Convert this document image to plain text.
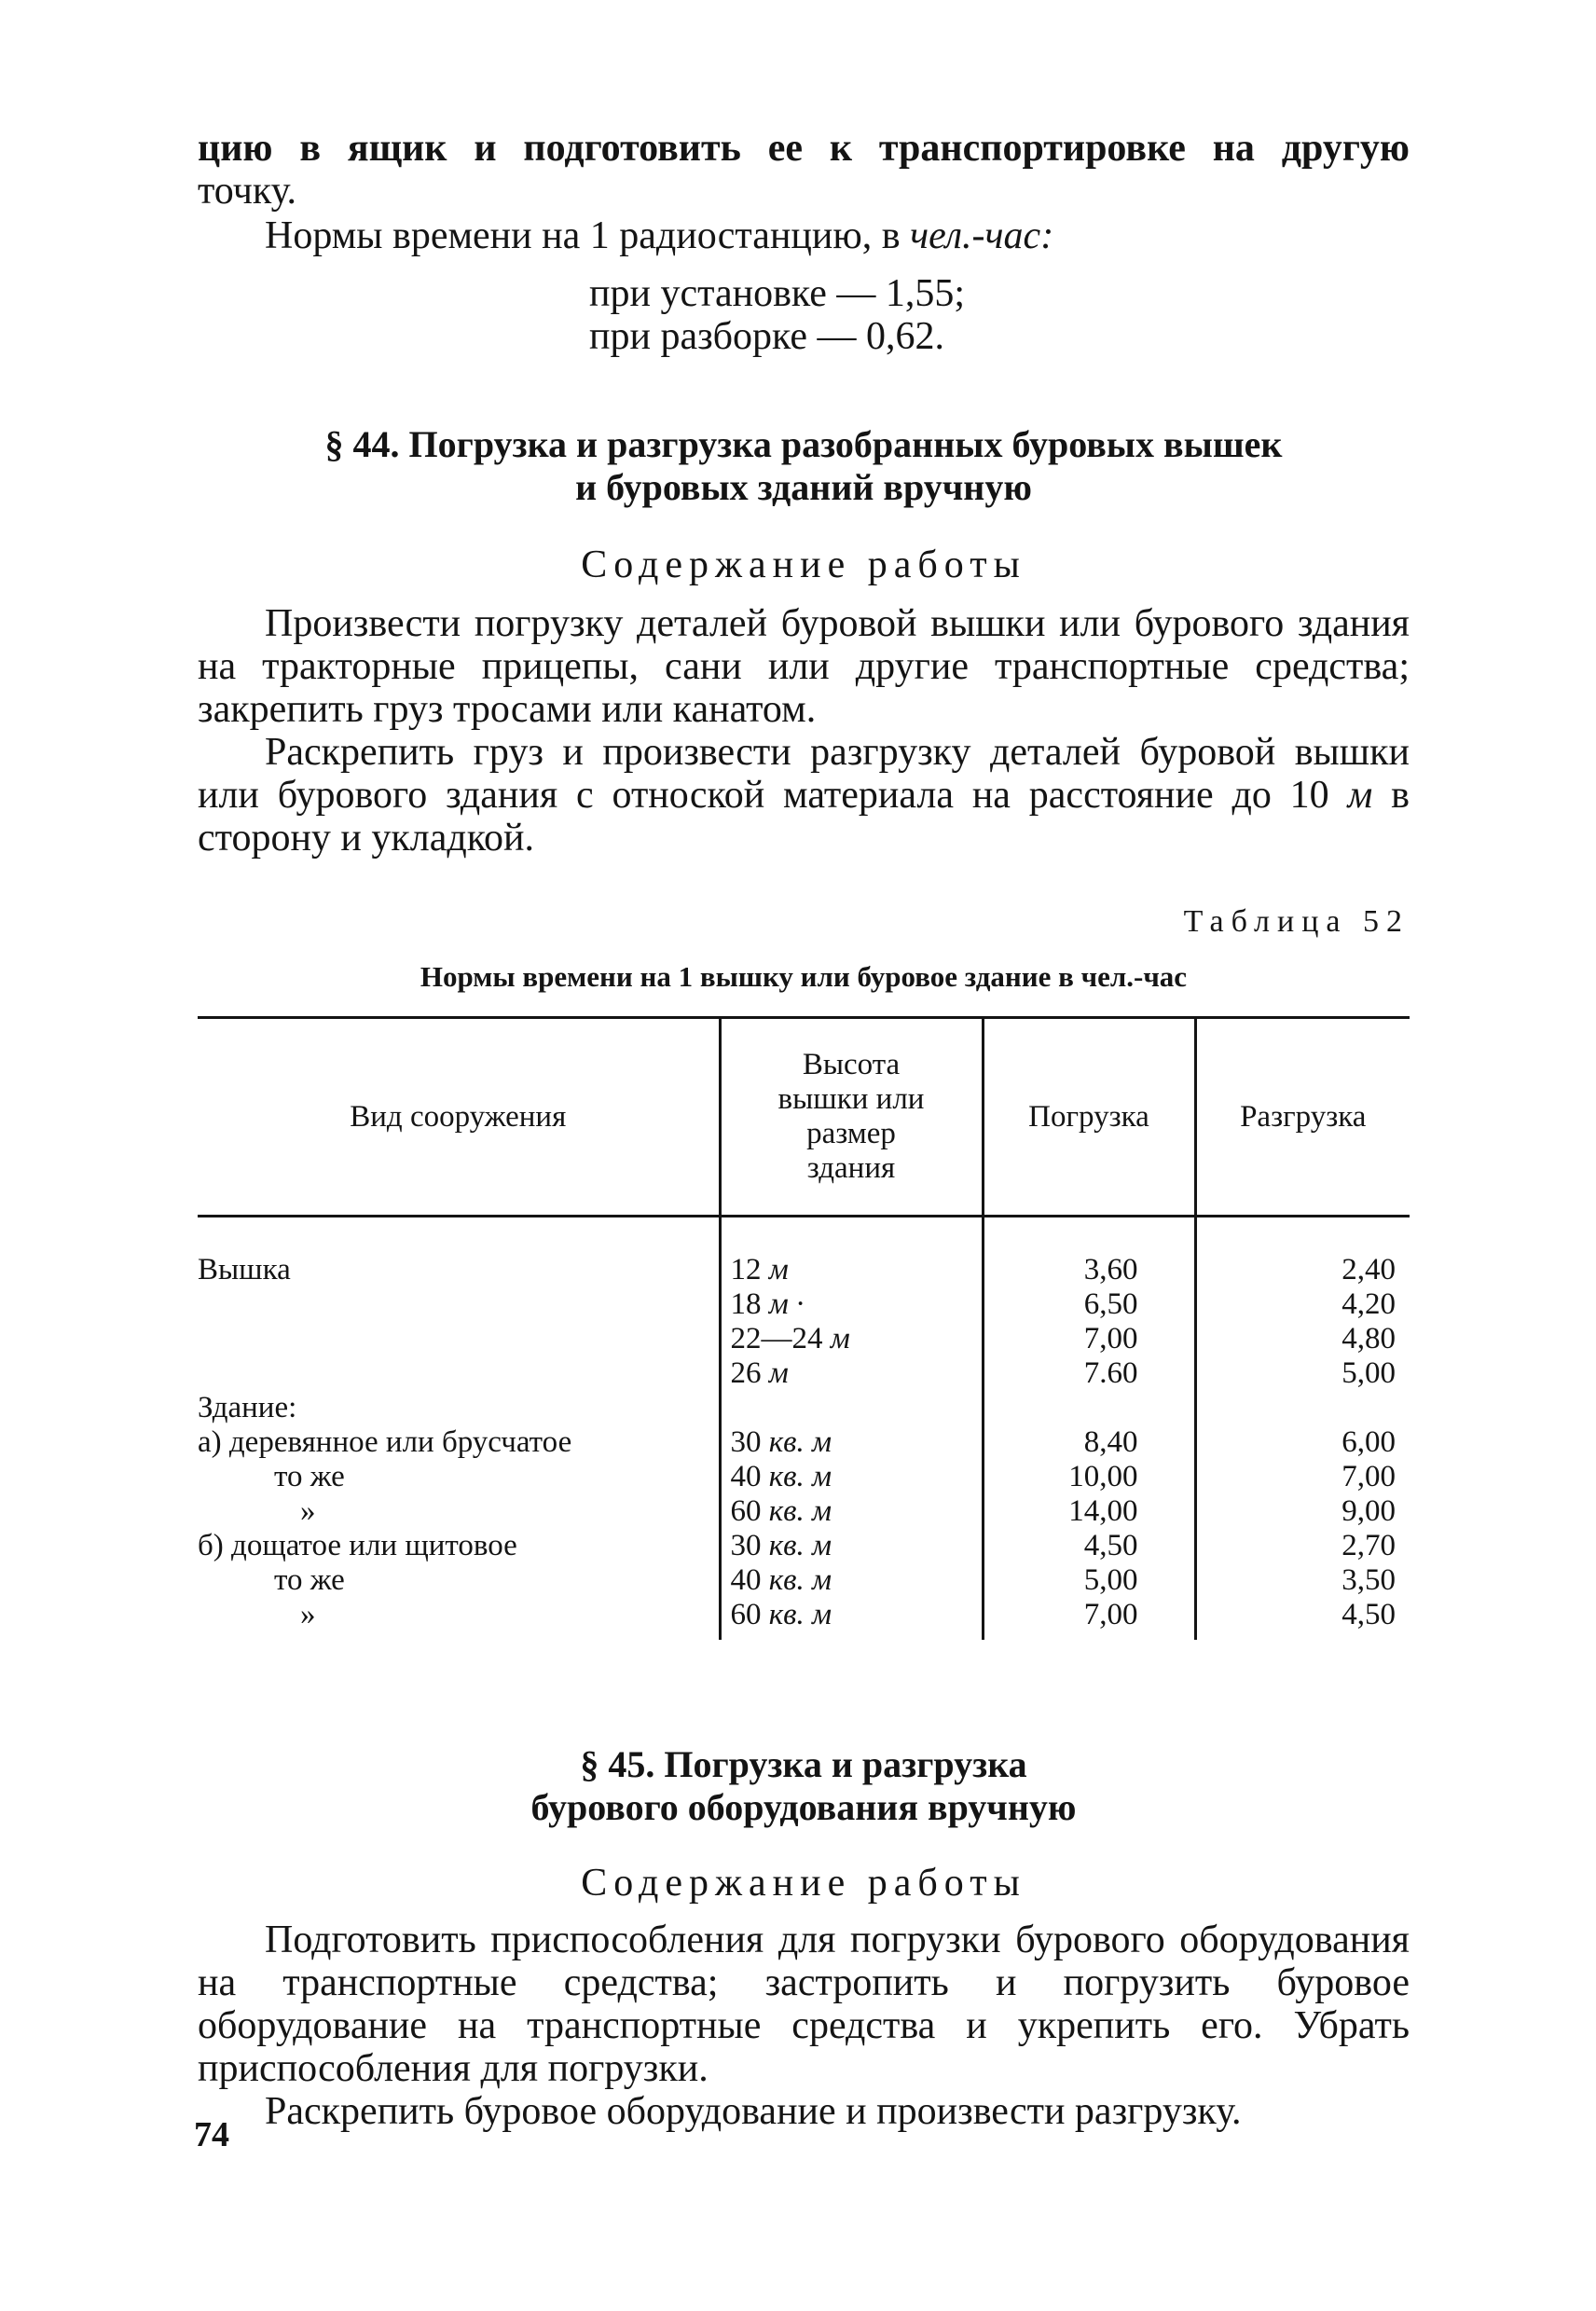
цию в ящик и подготовить ее к транспортировке на другую

точку.

Нормы времени на 1 радиостанцию, в чел.-час:

при установке — 1,55;
при разборке — 0,62.

§ 44. Погрузка и разгрузка разобранных буровых вышек

и буровых зданий вручную

Содержание работы

Произвести погрузку деталей буровой вышки или бурового здания на тракторные прицепы, сани или другие транспортные средства; закрепить груз тросами или канатом.

Раскрепить груз и произвести разгрузку деталей буровой вышки или бурового здания с отноской материала на расстояние до 10 м в сторону и укладкой.

Таблица 52
Нормы времени на 1 вышку или буровое здание в чел.-час
Вид сооружения	Высота
вышки или
размер
здания	Погрузка	Разгрузка
Вышка	12 м	3,60	2,40
	18 м ·	6,50	4,20
	22—24 м	7,00	4,80
	26 м	7.60	5,00
Здание:			
а) деревянное или брусчатое	30 кв. м	8,40	6,00
то же	40 кв. м	10,00	7,00
»	60 кв. м	14,00	9,00
б) дощатое или щитовое	30 кв. м	4,50	2,70
то же	40 кв. м	5,00	3,50
»	60 кв. м	7,00	4,50

§ 45. Погрузка и разгрузка

бурового оборудования вручную

Содержание работы

Подготовить приспособления для погрузки бурового оборудования на транспортные средства; застропить и погрузить буровое оборудование на транспортные средства и укрепить его. Убрать приспособления для погрузки.

Раскрепить буровое оборудование и произвести разгрузку.

74
